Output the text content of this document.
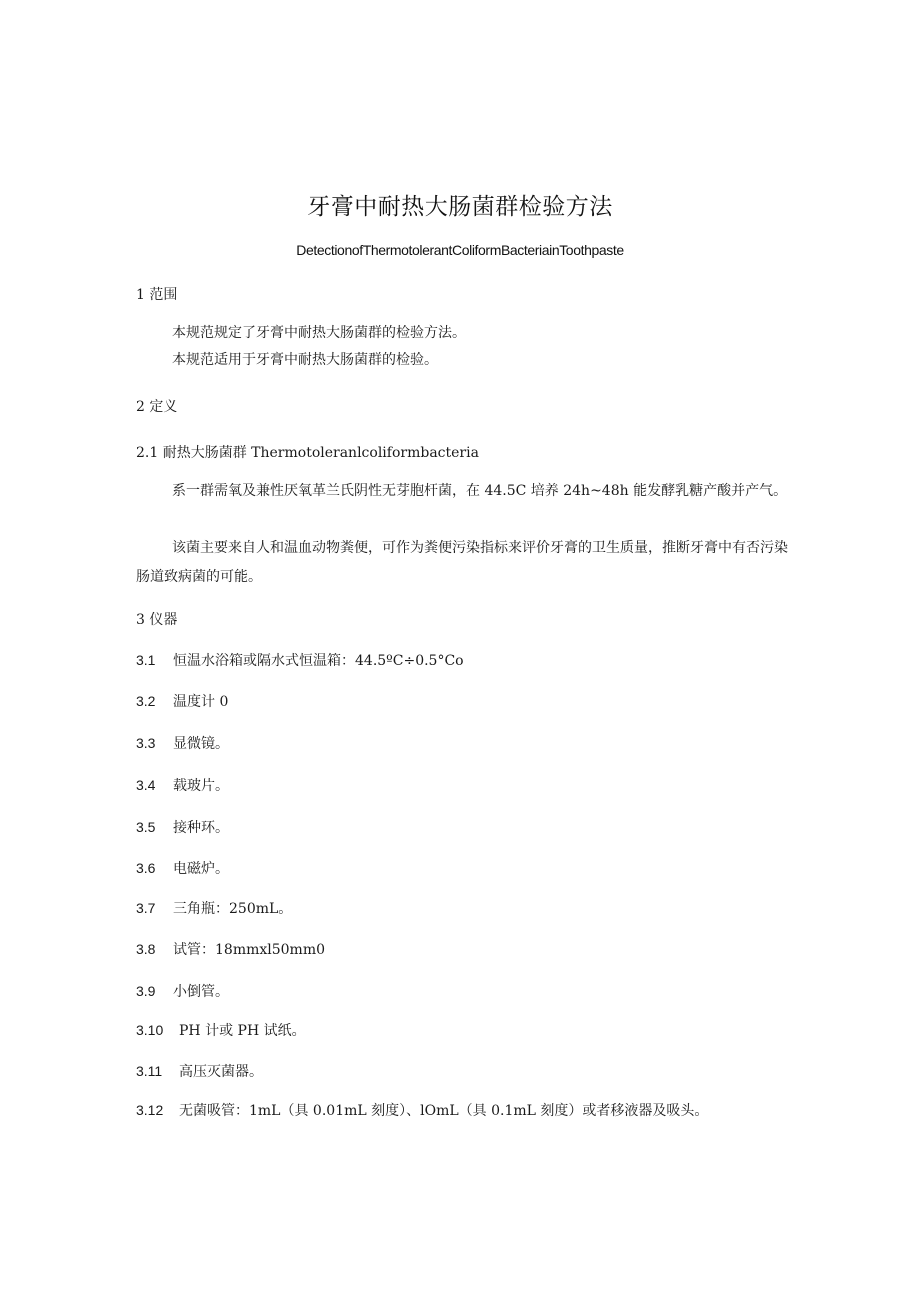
牙膏中耐热大肠菌群检验方法
DetectionofThermotolerantColiformBacteriainToothpaste
1 范围
本规范规定了牙膏中耐热大肠菌群的检验方法。
本规范适用于牙膏中耐热大肠菌群的检验。
2 定义
2.1 耐热大肠菌群 Thermotoleranlcoliformbacteria
系一群需氧及兼性厌氧革兰氏阴性无芽胞杆菌，在 44.5C 培养 24h~48h 能发酵乳糖产酸并产气。
该菌主要来自人和温血动物粪便，可作为粪便污染指标来评价牙膏的卫生质量，推断牙膏中有否污染肠道致病菌的可能。
3 仪器
3.1 恒温水浴箱或隔水式恒温箱：44.5ºC÷0.5°Co
3.2 温度计 0
3.3 显微镜。
3.4 载玻片。
3.5 接种环。
3.6 电磁炉。
3.7 三角瓶：250mL。
3.8 试管：18mmxl50mm0
3.9 小倒管。
3.10 PH 计或 PH 试纸。
3.11 高压灭菌器。
3.12 无菌吸管：1mL（具 0.01mL 刻度）、lOmL（具 0.1mL 刻度）或者移液器及吸头。
